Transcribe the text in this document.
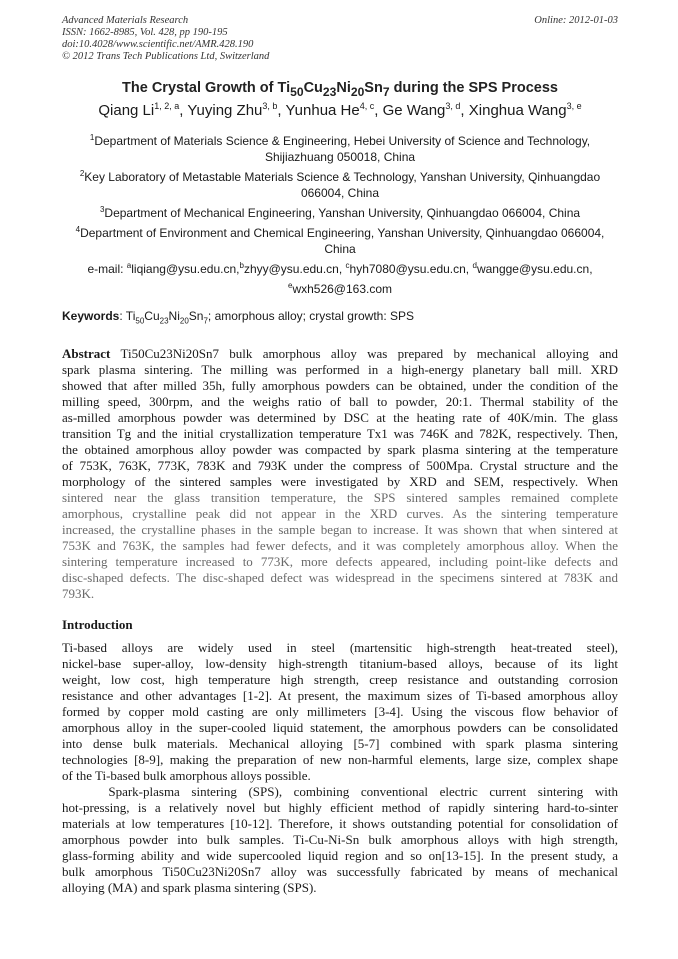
Advanced Materials Research
ISSN: 1662-8985, Vol. 428, pp 190-195
doi:10.4028/www.scientific.net/AMR.428.190
© 2012 Trans Tech Publications Ltd, Switzerland
Online: 2012-01-03
The Crystal Growth of $Ti_{50}Cu_{23}Ni_{20}Sn_7$ during the SPS Process
Qiang Li$^{1, 2, a}$, Yuying Zhu$^{3, b}$, Yunhua He$^{4, c}$, Ge Wang$^{3, d}$, Xinghua Wang$^{3, e}$
$^1$Department of Materials Science & Engineering, Hebei University of Science and Technology,
Shijiazhuang 050018, China
$^2$Key Laboratory of Metastable Materials Science & Technology, Yanshan University, Qinhuangdao
066004, China
$^3$Department of Mechanical Engineering, Yanshan University, Qinhuangdao 066004, China
$^4$Department of Environment and Chemical Engineering, Yanshan University, Qinhuangdao 066004,
China
e-mail: $^a$liqiang@ysu.edu.cn,$^b$zhyy@ysu.edu.cn, $^c$hyh7080@ysu.edu.cn, $^d$wangge@ysu.edu.cn,
$^e$wxh526@163.com
Keywords: $Ti_{50}Cu_{23}Ni_{20}Sn_7$; amorphous alloy; crystal growth: SPS
Abstract Ti50Cu23Ni20Sn7 bulk amorphous alloy was prepared by mechanical alloying and
spark plasma sintering. The milling was performed in a high-energy planetary ball mill. XRD
showed that after milled 35h, fully amorphous powders can be obtained, under the condition of the
milling speed, 300rpm, and the weighs ratio of ball to powder, 20:1. Thermal stability of the
as-milled amorphous powder was determined by DSC at the heating rate of 40K/min. The glass
transition Tg and the initial crystallization temperature Tx1 was 746K and 782K, respectively. Then,
the obtained amorphous alloy powder was compacted by spark plasma sintering at the temperature
of 753K, 763K, 773K, 783K and 793K under the compress of 500Mpa. Crystal structure and the
morphology of the sintered samples were investigated by XRD and SEM, respectively. When
sintered near the glass transition temperature, the SPS sintered samples remained complete
amorphous, crystalline peak did not appear in the XRD curves. As the sintering temperature
increased, the crystalline phases in the sample began to increase. It was shown that when sintered at
753K and 763K, the samples had fewer defects, and it was completely amorphous alloy. When the
sintering temperature increased to 773K, more defects appeared, including point-like defects and
disc-shaped defects. The disc-shaped defect was widespread in the specimens sintered at 783K and
793K.
Introduction
Ti-based alloys are widely used in steel (martensitic high-strength heat-treated steel),
nickel-base super-alloy, low-density high-strength titanium-based alloys, because of its light
weight, low cost, high temperature high strength, creep resistance and outstanding corrosion
resistance and other advantages [1-2]. At present, the maximum sizes of Ti-based amorphous alloy
formed by copper mold casting are only millimeters [3-4]. Using the viscous flow behavior of
amorphous alloy in the super-cooled liquid statement, the amorphous powders can be consolidated
into dense bulk materials. Mechanical alloying [5-7] combined with spark plasma sintering
technologies [8-9], making the preparation of new non-harmful elements, large size, complex shape
of the Ti-based bulk amorphous alloys possible.
Spark-plasma sintering (SPS), combining conventional electric current sintering with
hot-pressing, is a relatively novel but highly efficient method of rapidly sintering hard-to-sinter
materials at low temperatures [10-12]. Therefore, it shows outstanding potential for consolidation of
amorphous powder into bulk samples. Ti-Cu-Ni-Sn bulk amorphous alloys with high strength,
glass-forming ability and wide supercooled liquid region and so on[13-15]. In the present study, a
bulk amorphous Ti50Cu23Ni20Sn7 alloy was successfully fabricated by means of mechanical
alloying (MA) and spark plasma sintering (SPS).
